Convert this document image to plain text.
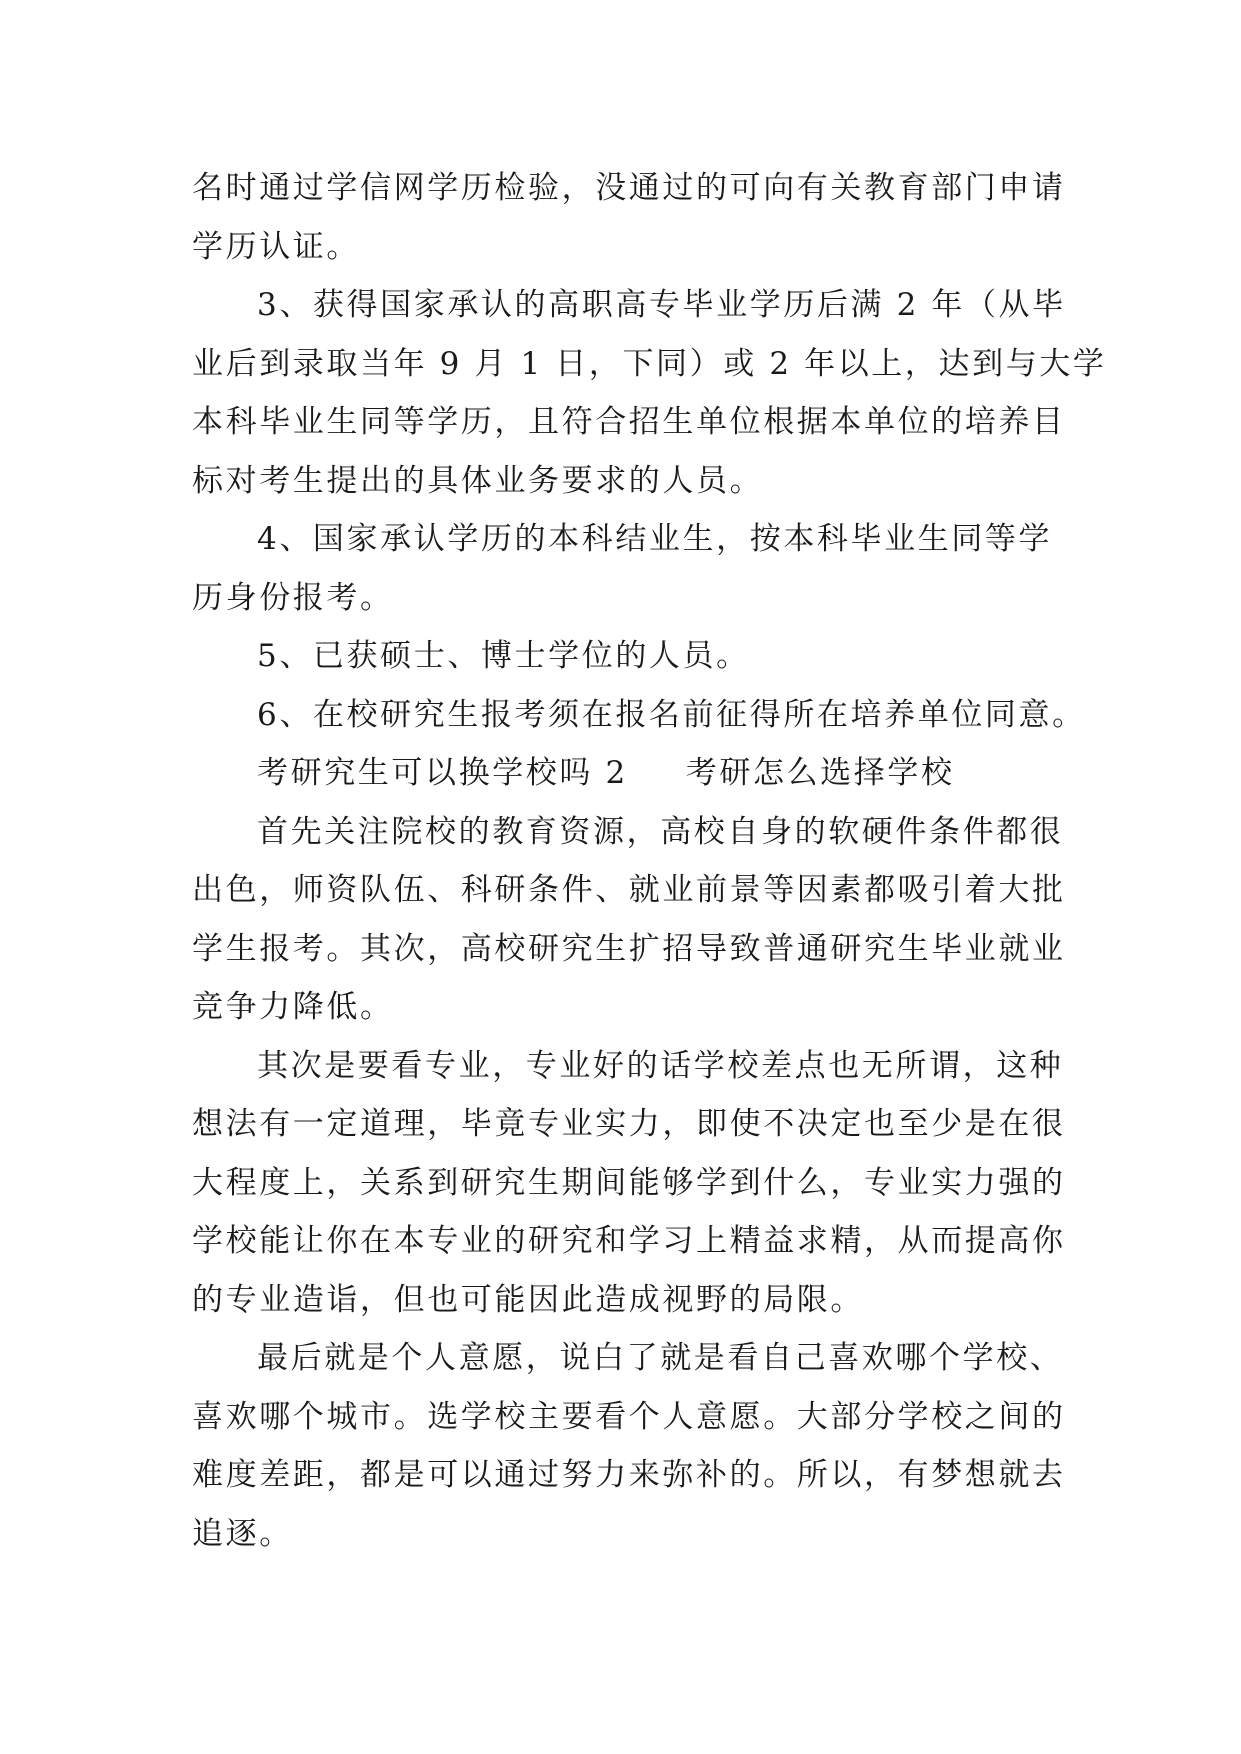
名时通过学信网学历检验，没通过的可向有关教育部门申请

学历认证。

3、获得国家承认的高职高专毕业学历后满 2 年（从毕

业后到录取当年 9 月 1 日，下同）或 2 年以上，达到与大学

本科毕业生同等学历，且符合招生单位根据本单位的培养目

标对考生提出的具体业务要求的人员。

4、国家承认学历的本科结业生，按本科毕业生同等学

历身份报考。

5、已获硕士、博士学位的人员。

6、在校研究生报考须在报名前征得所在培养单位同意。

考研究生可以换学校吗 2 考研怎么选择学校

首先关注院校的教育资源，高校自身的软硬件条件都很

出色，师资队伍、科研条件、就业前景等因素都吸引着大批

学生报考。其次，高校研究生扩招导致普通研究生毕业就业

竞争力降低。

其次是要看专业，专业好的话学校差点也无所谓，这种

想法有一定道理，毕竟专业实力，即使不决定也至少是在很

大程度上，关系到研究生期间能够学到什么，专业实力强的

学校能让你在本专业的研究和学习上精益求精，从而提高你

的专业造诣，但也可能因此造成视野的局限。

最后就是个人意愿，说白了就是看自己喜欢哪个学校、

喜欢哪个城市。选学校主要看个人意愿。大部分学校之间的

难度差距，都是可以通过努力来弥补的。所以，有梦想就去

追逐。
